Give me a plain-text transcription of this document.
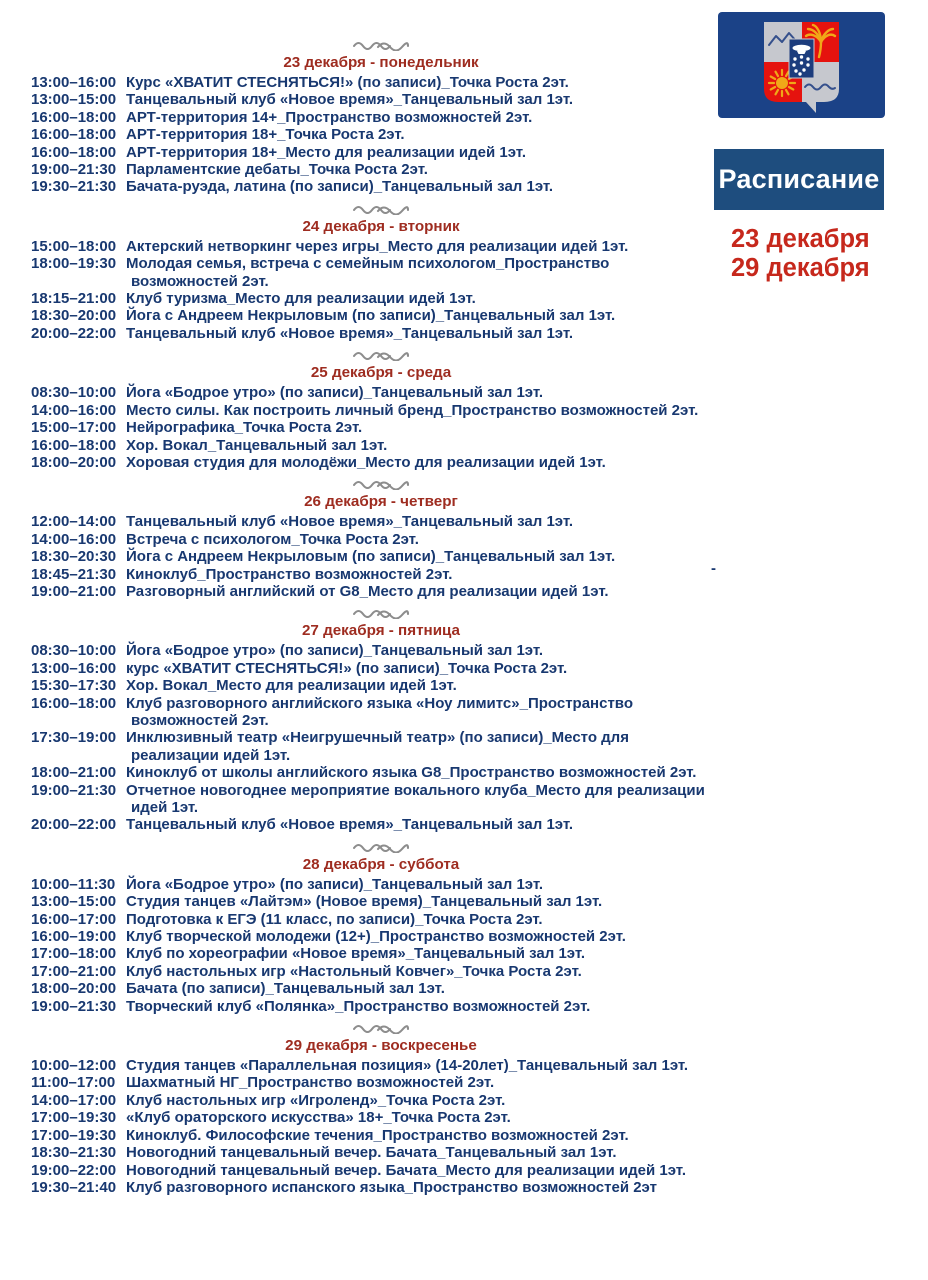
Расписание
23 декабря
29 декабря
-
23 декабря - понедельник
13:00–16:00 Курс «ХВАТИТ СТЕСНЯТЬСЯ!» (по записи)_Точка Роста 2эт.
13:00–15:00 Танцевальный клуб «Новое время»_Танцевальный зал 1эт.
16:00–18:00 АРТ-территория 14+_Пространство возможностей 2эт.
16:00–18:00 АРТ-территория 18+_Точка Роста 2эт.
16:00–18:00 АРТ-территория 18+_Место для реализации идей 1эт.
19:00–21:30 Парламентские дебаты_Точка Роста 2эт.
19:30–21:30 Бачата-руэда, латина (по записи)_Танцевальный зал 1эт.
24 декабря - вторник
15:00–18:00 Актерский нетворкинг через игры_Место для реализации идей 1эт.
18:00–19:30 Молодая семья, встреча с семейным психологом_Пространство
возможностей 2эт.
18:15–21:00 Клуб туризма_Место для реализации идей 1эт.
18:30–20:00 Йога с Андреем Некрыловым (по записи)_Танцевальный зал 1эт.
20:00–22:00 Танцевальный клуб «Новое время»_Танцевальный зал 1эт.
25 декабря - среда
08:30–10:00 Йога «Бодрое утро» (по записи)_Танцевальный зал 1эт.
14:00–16:00 Место силы. Как построить личный бренд_Пространство возможностей 2эт.
15:00–17:00 Нейрографика_Точка Роста 2эт.
16:00–18:00 Хор. Вокал_Танцевальный зал 1эт.
18:00–20:00 Хоровая студия для молодёжи_Место для реализации идей 1эт.
26 декабря - четверг
12:00–14:00 Танцевальный клуб «Новое время»_Танцевальный зал 1эт.
14:00–16:00 Встреча с психологом_Точка Роста 2эт.
18:30–20:30 Йога с Андреем Некрыловым (по записи)_Танцевальный зал 1эт.
18:45–21:30 Киноклуб_Пространство возможностей 2эт.
19:00–21:00 Разговорный английский от G8_Место для реализации идей 1эт.
27 декабря - пятница
08:30–10:00 Йога «Бодрое утро» (по записи)_Танцевальный зал 1эт.
13:00–16:00 курс «ХВАТИТ СТЕСНЯТЬСЯ!» (по записи)_Точка Роста 2эт.
15:30–17:30 Хор. Вокал_Место для реализации идей 1эт.
16:00–18:00 Клуб разговорного английского языка «Ноу лимитс»_Пространство
возможностей 2эт.
17:30–19:00 Инклюзивный театр «Неигрушечный театр» (по записи)_Место для
реализации идей 1эт.
18:00–21:00 Киноклуб от школы английского языка G8_Пространство возможностей 2эт.
19:00–21:30 Отчетное новогоднее мероприятие вокального клуба_Место для реализации
идей 1эт.
20:00–22:00 Танцевальный клуб «Новое время»_Танцевальный зал 1эт.
28 декабря - суббота
10:00–11:30 Йога «Бодрое утро» (по записи)_Танцевальный зал 1эт.
13:00–15:00 Студия танцев «Лайтэм» (Новое время)_Танцевальный зал 1эт.
16:00–17:00 Подготовка к ЕГЭ (11 класс, по записи)_Точка Роста 2эт.
16:00–19:00 Клуб творческой молодежи (12+)_Пространство возможностей 2эт.
17:00–18:00 Клуб по хореографии «Новое время»_Танцевальный зал 1эт.
17:00–21:00 Клуб настольных игр «Настольный Ковчег»_Точка Роста 2эт.
18:00–20:00 Бачата (по записи)_Танцевальный зал 1эт.
19:00–21:30 Творческий клуб «Полянка»_Пространство возможностей 2эт.
29 декабря - воскресенье
10:00–12:00 Студия танцев «Параллельная позиция» (14-20лет)_Танцевальный зал 1эт.
11:00–17:00 Шахматный НГ_Пространство возможностей 2эт.
14:00–17:00 Клуб настольных игр «Игроленд»_Точка Роста 2эт.
17:00–19:30 «Клуб ораторского искусства» 18+_Точка Роста 2эт.
17:00–19:30 Киноклуб. Философские течения_Пространство возможностей 2эт.
18:30–21:30 Новогодний танцевальный вечер. Бачата_Танцевальный зал 1эт.
19:00–22:00 Новогодний танцевальный вечер. Бачата_Место для реализации идей 1эт.
19:30–21:40 Клуб разговорного испанского языка_Пространство возможностей 2эт
